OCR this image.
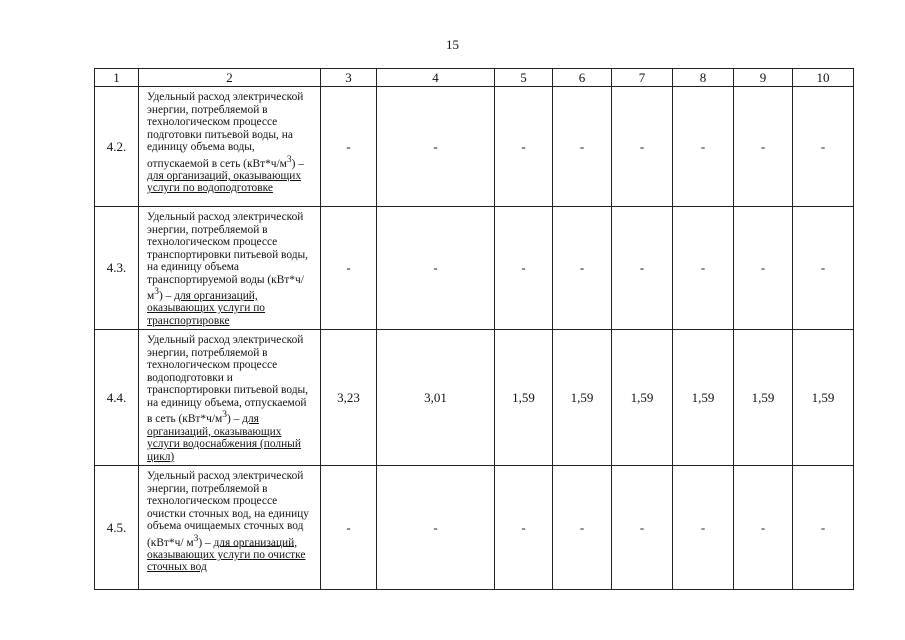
15
1	2	3	4	5	6	7	8	9	10
4.2.	Удельный расход электрической энергии, потребляемой в технологическом процессе подготовки питьевой воды, на единицу объема воды, отпускаемой в сеть $(кВт*ч/м^3)$ – для организаций, оказывающих услуги по водоподготовке	-	-	-	-	-	-	-	-
4.3.	Удельный расход электрической энергии, потребляемой в технологическом процессе транспортировки питьевой воды, на единицу объема транспортируемой воды $(кВт*ч/м^3)$ – для организаций, оказывающих услуги по транспортировке	-	-	-	-	-	-	-	-
4.4.	Удельный расход электрической энергии, потребляемой в технологическом процессе водоподготовки и транспортировки питьевой воды, на единицу объема, отпускаемой в сеть $(кВт*ч/м^3)$ – для организаций, оказывающих услуги водоснабжения (полный цикл)	3,23	3,01	1,59	1,59	1,59	1,59	1,59	1,59
4.5.	Удельный расход электрической энергии, потребляемой в технологическом процессе очистки сточных вод, на единицу объема очищаемых сточных вод (кВт*ч/ $м^3$) – для организаций, оказывающих услуги по очистке сточных вод	-	-	-	-	-	-	-	-
